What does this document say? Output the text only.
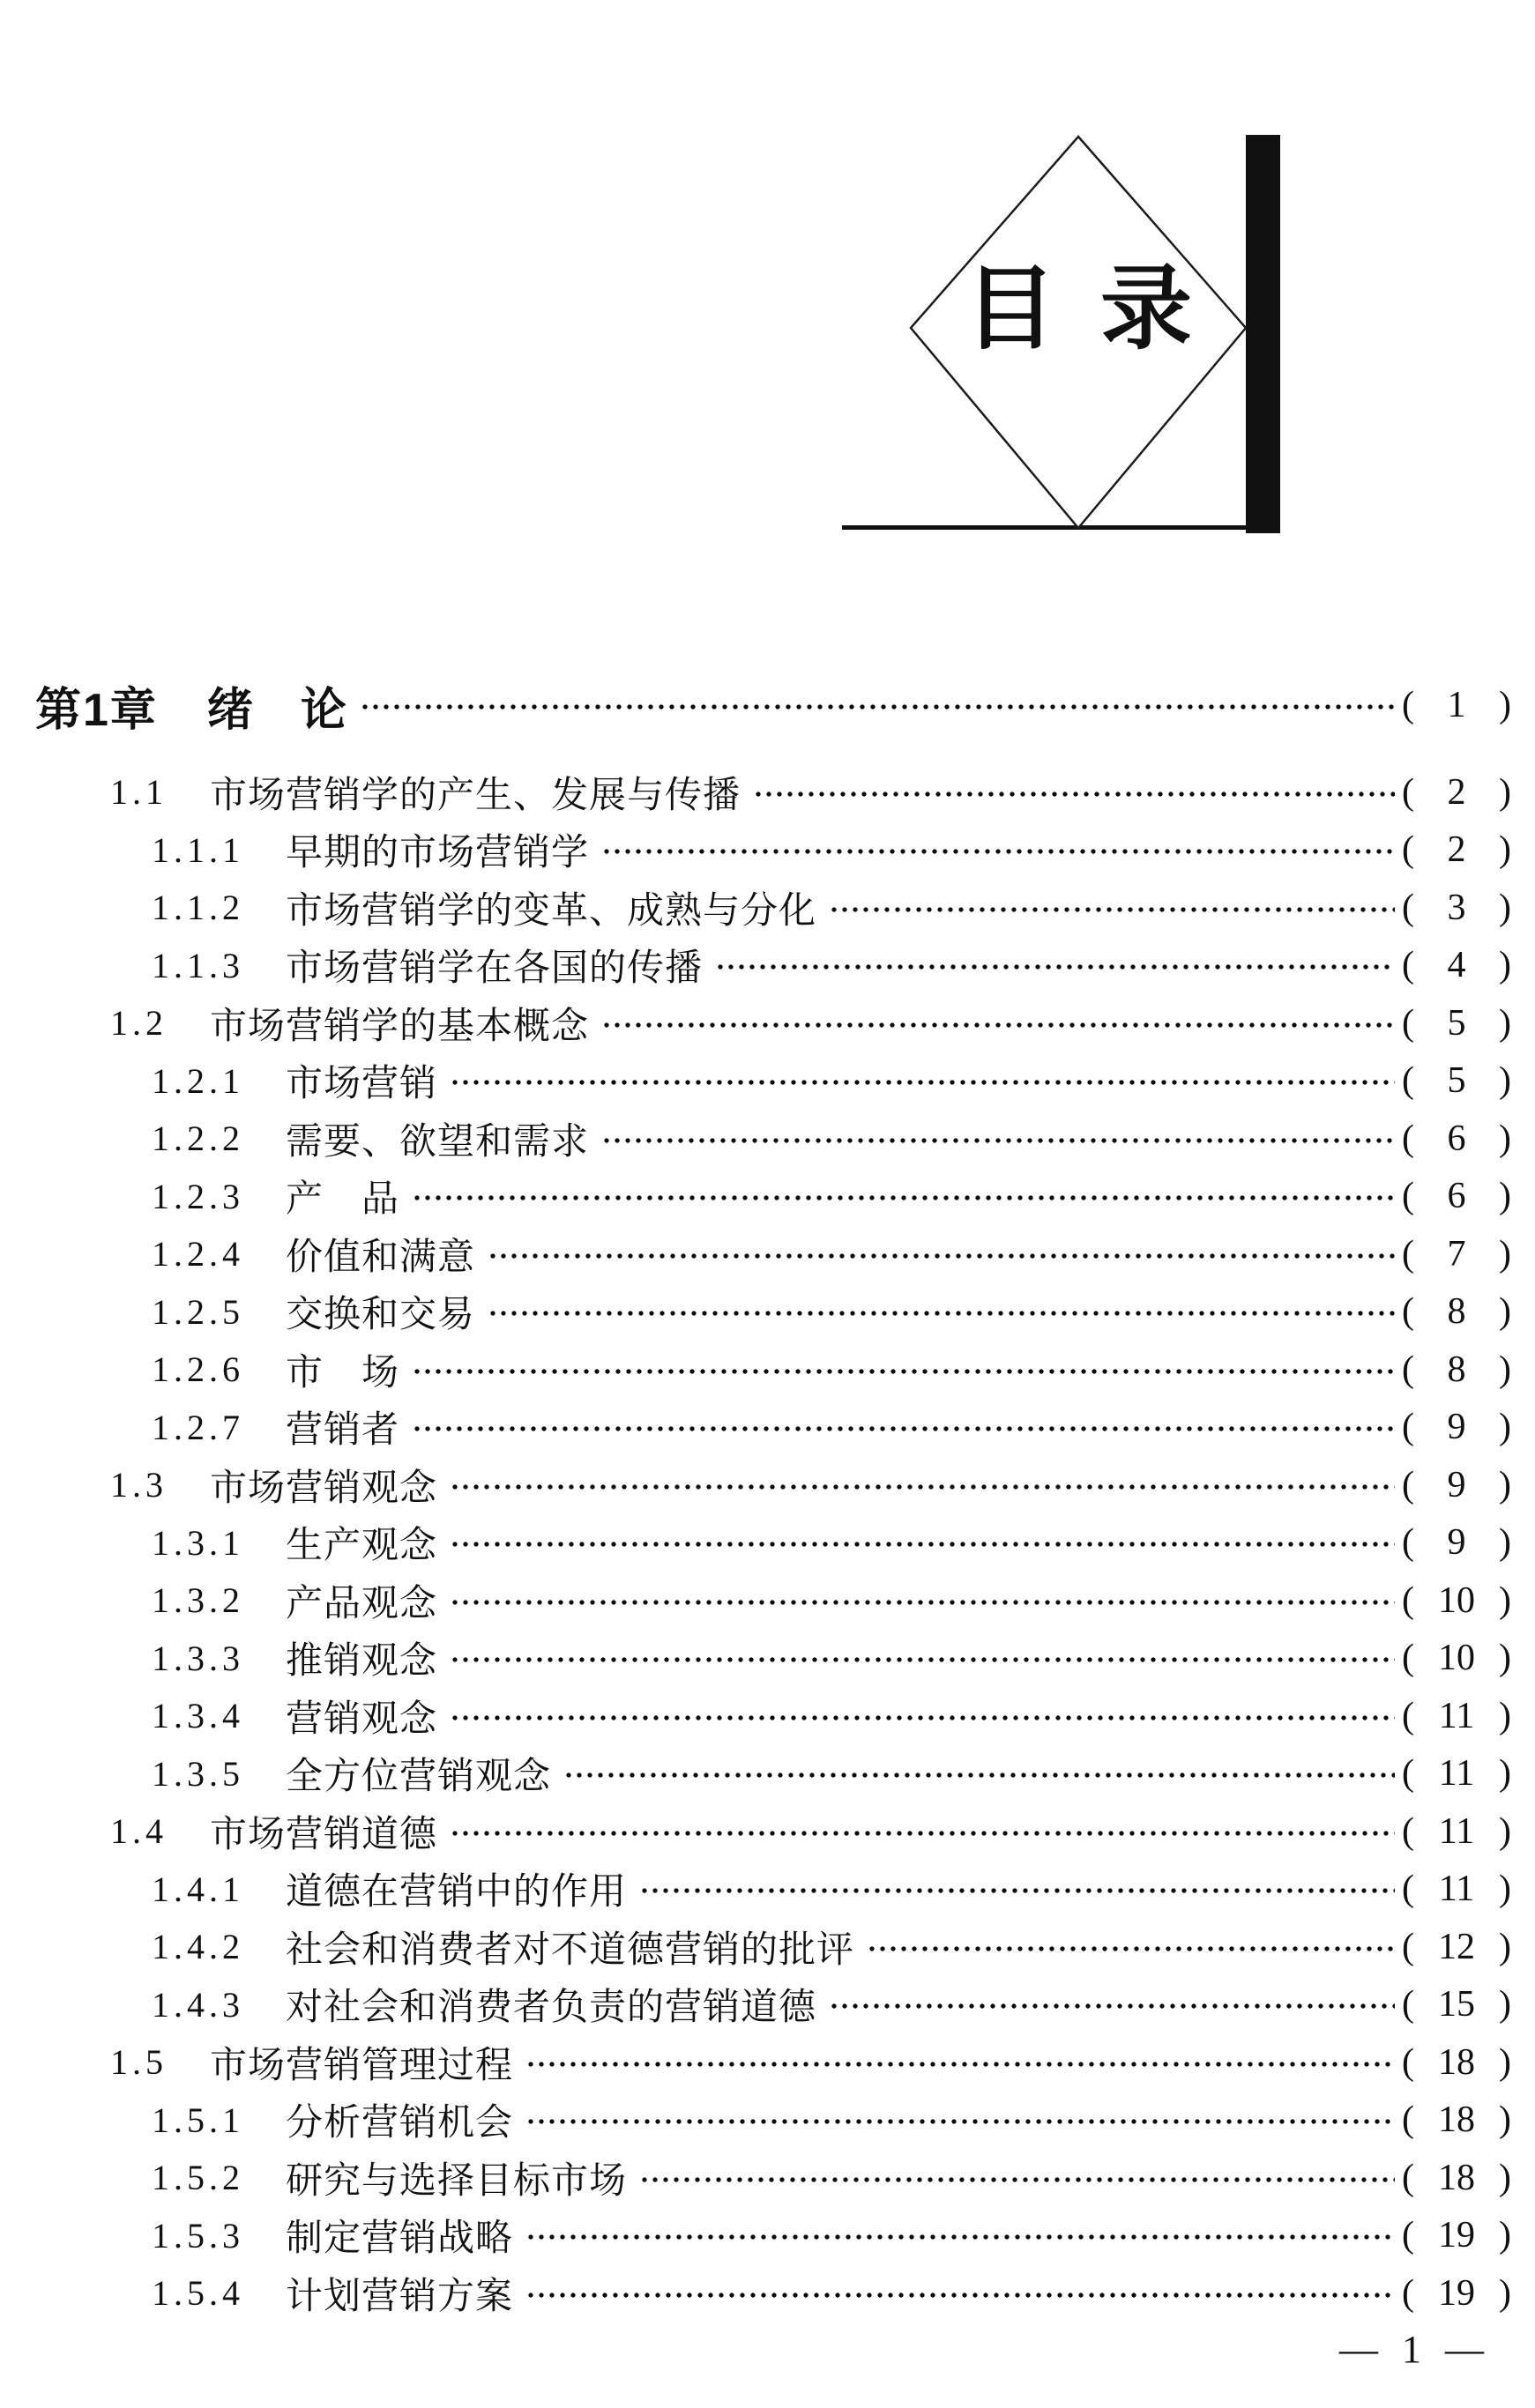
目 录
第1章 绪　论	( 1 )
1.1	市场营销学的产生、发展与传播	( 2 )
1.1.1	早期的市场营销学	( 2 )
1.1.2	市场营销学的变革、成熟与分化	( 3 )
1.1.3	市场营销学在各国的传播	( 4 )
1.2	市场营销学的基本概念	( 5 )
1.2.1	市场营销	( 5 )
1.2.2	需要、欲望和需求	( 6 )
1.2.3	产　品	( 6 )
1.2.4	价值和满意	( 7 )
1.2.5	交换和交易	( 8 )
1.2.6	市　场	( 8 )
1.2.7	营销者	( 9 )
1.3	市场营销观念	( 9 )
1.3.1	生产观念	( 9 )
1.3.2	产品观念	( 10 )
1.3.3	推销观念	( 10 )
1.3.4	营销观念	( 11 )
1.3.5	全方位营销观念	( 11 )
1.4	市场营销道德	( 11 )
1.4.1	道德在营销中的作用	( 11 )
1.4.2	社会和消费者对不道德营销的批评	( 12 )
1.4.3	对社会和消费者负责的营销道德	( 15 )
1.5	市场营销管理过程	( 18 )
1.5.1	分析营销机会	( 18 )
1.5.2	研究与选择目标市场	( 18 )
1.5.3	制定营销战略	( 19 )
1.5.4	计划营销方案	( 19 )
— 1 —
